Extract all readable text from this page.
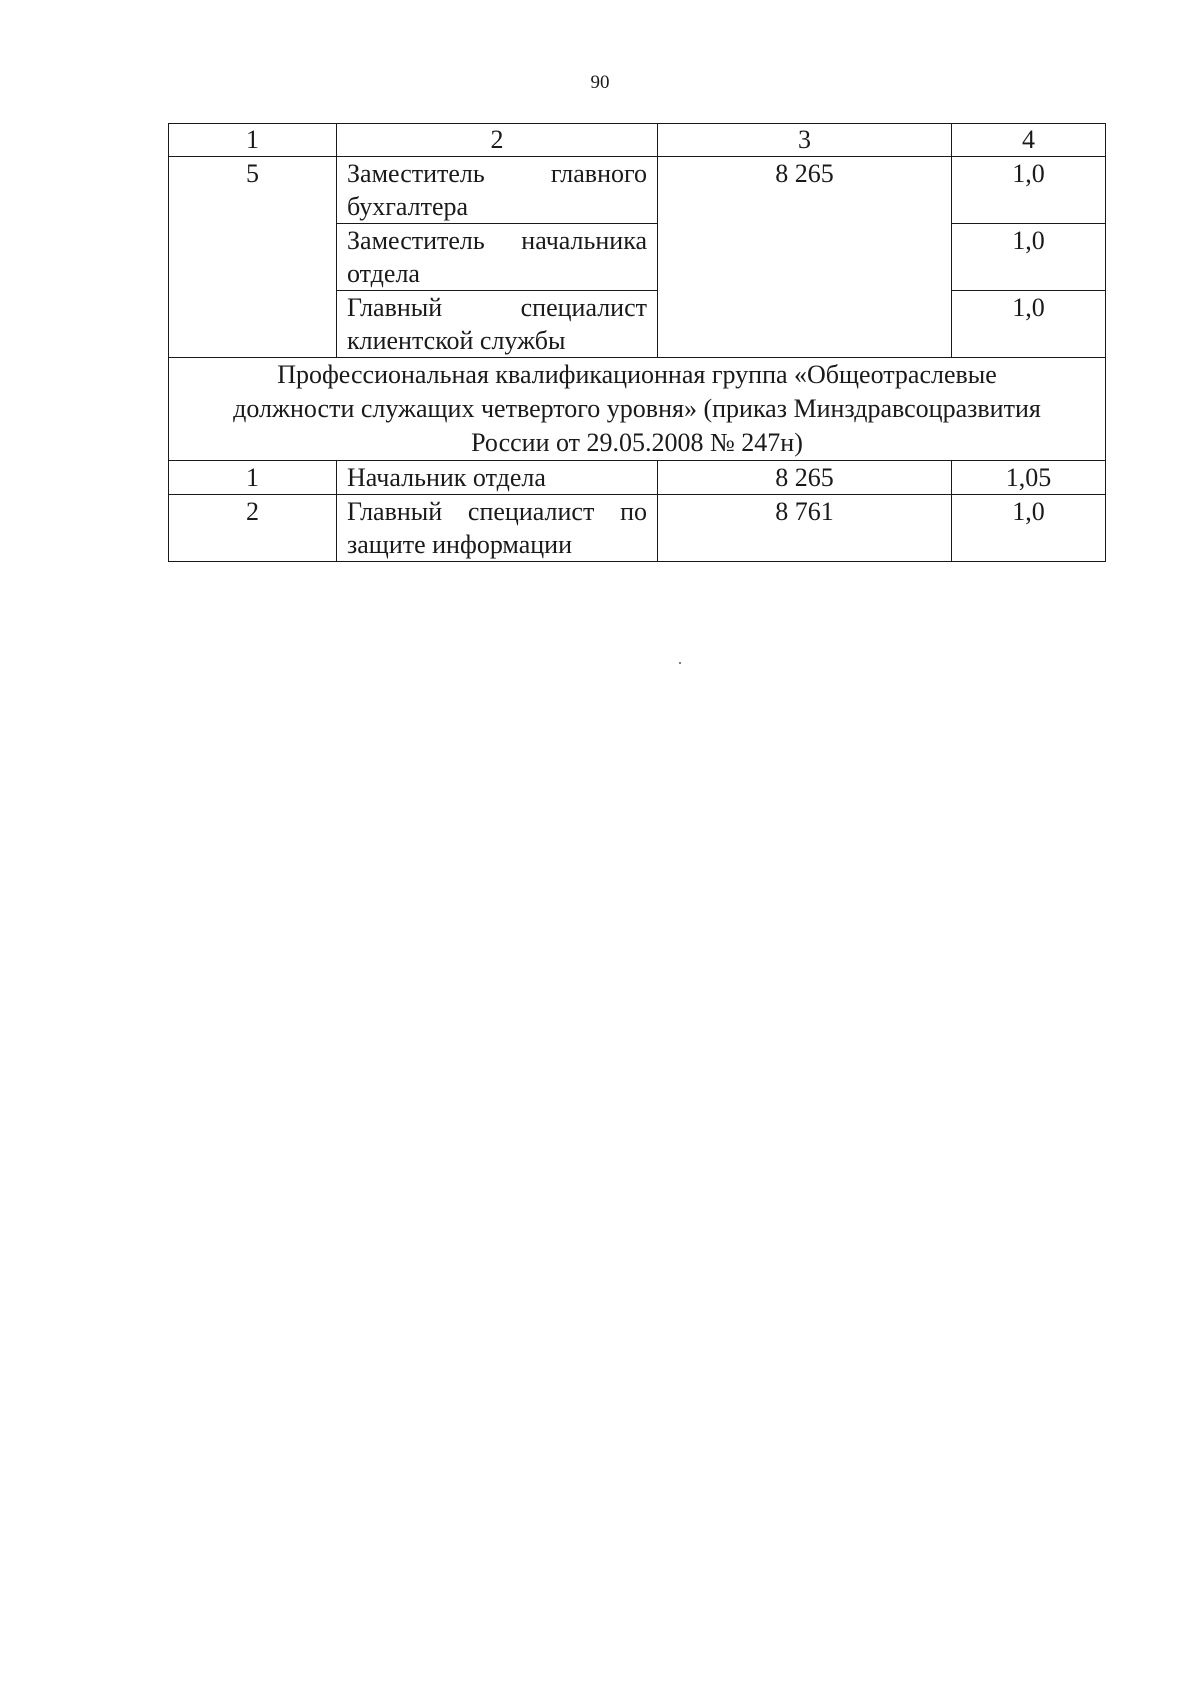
90
1	2	3	4
5	Заместитель главного бухгалтера	8 265	1,0
	Заместитель начальника отдела		1,0
	Главный специалист клиентской службы		1,0

Профессиональная квалификационная группа «Общеотраслевые
должности служащих четвертого уровня» (приказ Минздравсоцразвития
России от 29.05.2008 № 247н)			

1	Начальник отдела	8 265	1,05
2	Главный специалист по защите информации	8 761	1,0
